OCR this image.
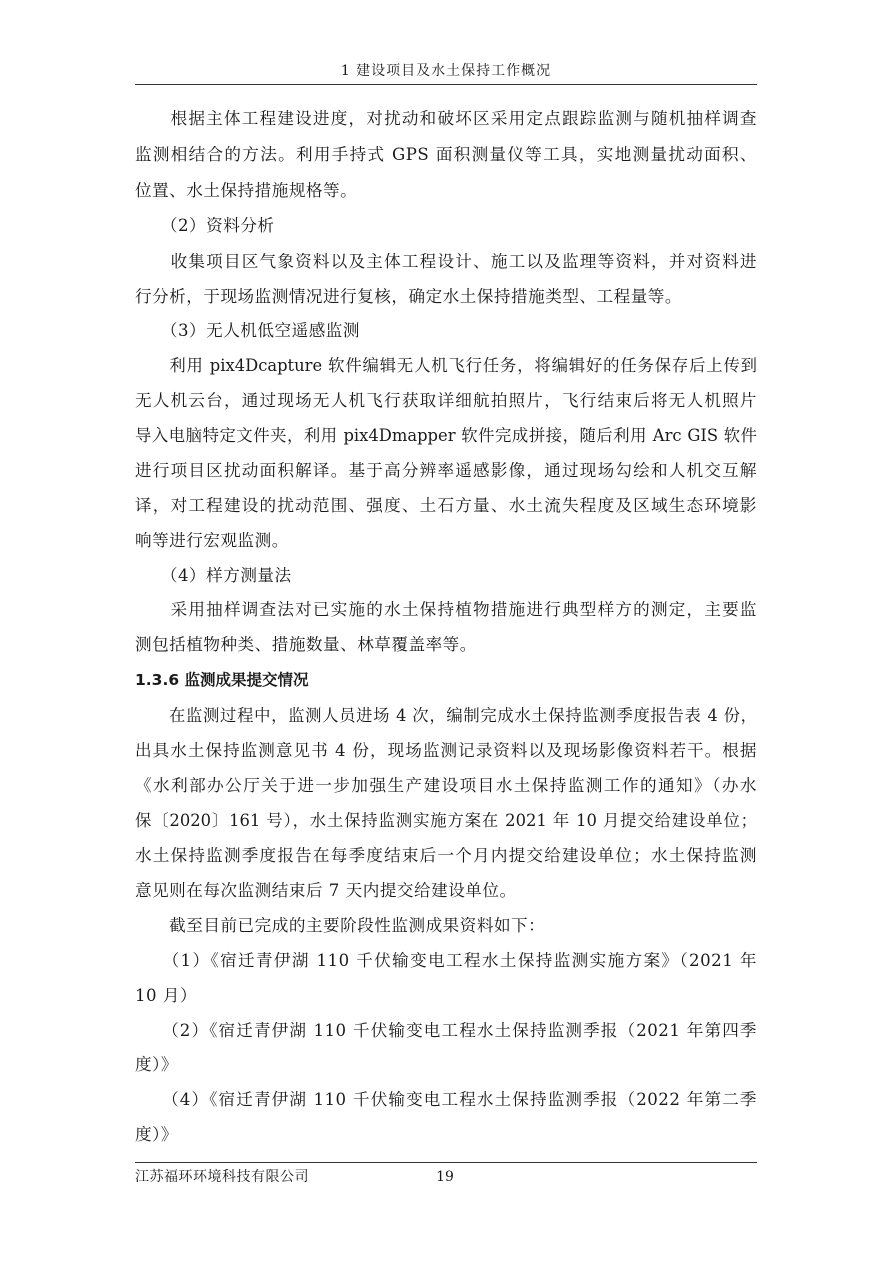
1 建设项目及水土保持工作概况
　　根据主体工程建设进度，对扰动和破坏区采用定点跟踪监测与随机抽样调查
监测相结合的方法。利用手持式 GPS 面积测量仪等工具，实地测量扰动面积、
位置、水土保持措施规格等。
　　（2）资料分析
　　收集项目区气象资料以及主体工程设计、施工以及监理等资料，并对资料进
行分析，于现场监测情况进行复核，确定水土保持措施类型、工程量等。
　　（3）无人机低空遥感监测
　　利用 pix4Dcapture 软件编辑无人机飞行任务，将编辑好的任务保存后上传到
无人机云台，通过现场无人机飞行获取详细航拍照片，飞行结束后将无人机照片
导入电脑特定文件夹，利用 pix4Dmapper 软件完成拼接，随后利用 Arc GIS 软件
进行项目区扰动面积解译。基于高分辨率遥感影像，通过现场勾绘和人机交互解
译，对工程建设的扰动范围、强度、土石方量、水土流失程度及区域生态环境影
响等进行宏观监测。
　　（4）样方测量法
　　采用抽样调查法对已实施的水土保持植物措施进行典型样方的测定，主要监
测包括植物种类、措施数量、林草覆盖率等。
1.3.6 监测成果提交情况
　　在监测过程中，监测人员进场 4 次，编制完成水土保持监测季度报告表 4 份，
出具水土保持监测意见书 4 份，现场监测记录资料以及现场影像资料若干。根据
《水利部办公厅关于进一步加强生产建设项目水土保持监测工作的通知》（办水
保〔2020〕161 号），水土保持监测实施方案在 2021 年 10 月提交给建设单位；
水土保持监测季度报告在每季度结束后一个月内提交给建设单位；水土保持监测
意见则在每次监测结束后 7 天内提交给建设单位。
　　截至目前已完成的主要阶段性监测成果资料如下：
　　（1）《宿迁青伊湖 110 千伏输变电工程水土保持监测实施方案》（2021 年
10 月）
　　（2）《宿迁青伊湖 110 千伏输变电工程水土保持监测季报（2021 年第四季
度）》
　　（4）《宿迁青伊湖 110 千伏输变电工程水土保持监测季报（2022 年第二季
度）》
江苏福环环境科技有限公司	19
